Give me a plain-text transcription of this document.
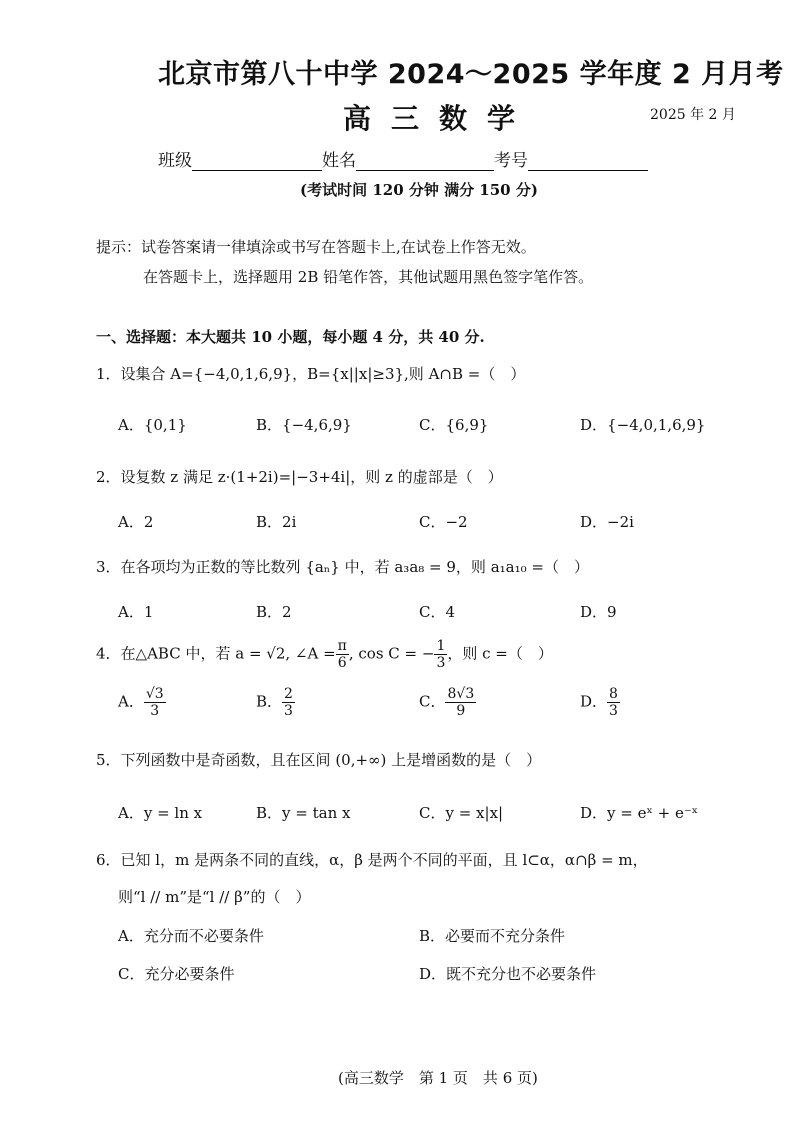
北京市第八十中学 2024～2025 学年度 2 月月考
高三数学	2025 年 2 月
班级	姓名	考号
(考试时间 120 分钟 满分 150 分)
提示：试卷答案请一律填涂或书写在答题卡上,在试卷上作答无效。
在答题卡上，选择题用 2B 铅笔作答，其他试题用黑色签字笔作答。
一、选择题：本大题共 10 小题，每小题 4 分，共 40 分.
1．设集合 A={−4,0,1,6,9}，B={x||x|≥3},则 A∩B =（　）
A．{0,1}	B．{−4,6,9}	C．{6,9}	D．{−4,0,1,6,9}
2．设复数 z 满足 z·(1+2i)=|−3+4i|，则 z 的虚部是（　）
A．2	B．2i	C．−2	D．−2i
3．在各项均为正数的等比数列 {aₙ} 中，若 a₃a₈ = 9，则 a₁a₁₀ =（　）
A．1	B．2	C．4	D．9
4．在△ABC 中，若 a = √2, ∠A = $\frac{\pi}{6}$ , cos C = − $\frac{1}{3}$ ，则 c =（　）
A． $\frac{√3}{3}$	B． $\frac{2}{3}$	C． $\frac{8√3}{9}$	D． $\frac{8}{3}$
5．下列函数中是奇函数，且在区间 (0,+∞) 上是增函数的是（　）
A．y = ln x	B．y = tan x	C．y = x|x|	D．y = eˣ + e⁻ˣ
6．已知 l，m 是两条不同的直线，α，β 是两个不同的平面，且 l⊂α，α∩β = m，
则“l // m”是“l // β”的（　）
A．充分而不必要条件	B．必要而不充分条件
C．充分必要条件	D．既不充分也不必要条件
(高三数学　第 1 页　共 6 页)
